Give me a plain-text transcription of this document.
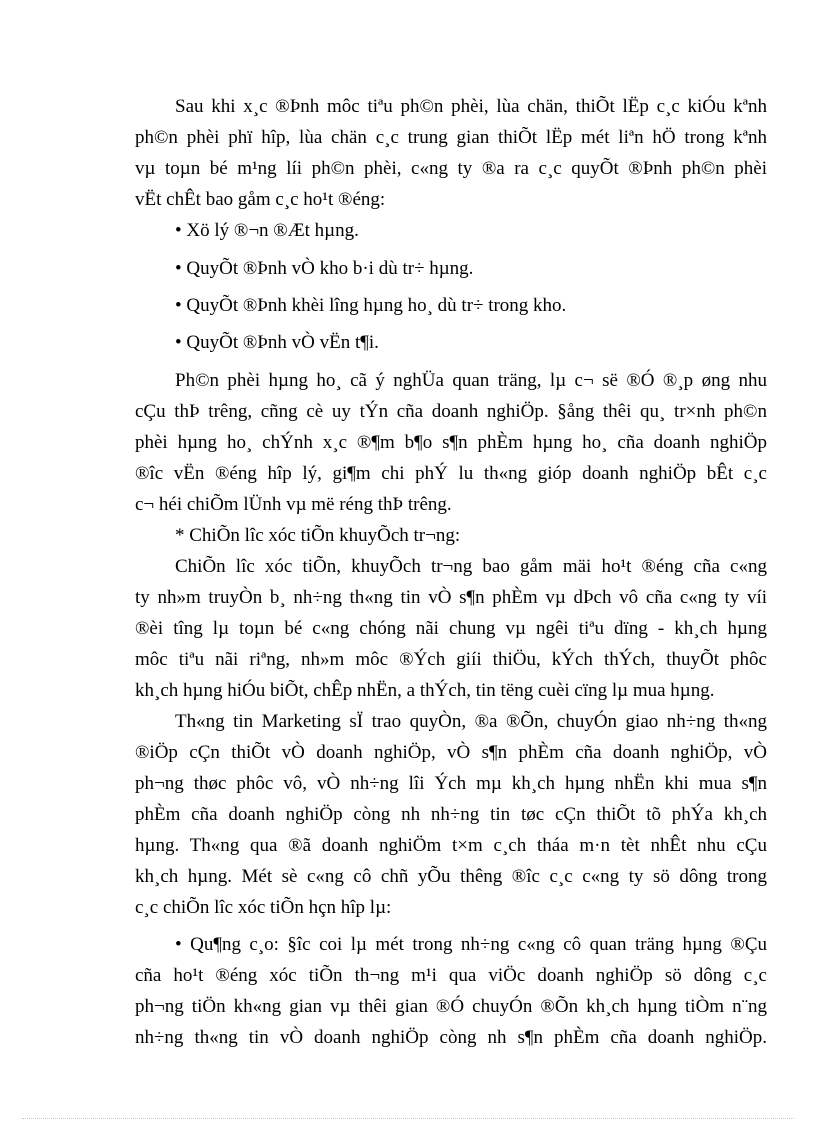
Sau khi x¸c ®Þnh môc tiªu ph©n phèi, lùa chän, thiÕt lËp c¸c kiÓu kªnh
ph©n phèi phï hîp, lùa chän c¸c trung gian thiÕt lËp mét liªn hÖ trong kªnh
vµ toµn bé m¹ng líi ph©n phèi, c«ng ty ®a ra c¸c quyÕt ®Þnh ph©n phèi
vËt chÊt bao gåm c¸c ho¹t ®éng:
• Xö lý ®¬n ®Æt hµng.
• QuyÕt ®Þnh vÒ kho b·i dù tr÷ hµng.
• QuyÕt ®Þnh khèi lîng hµng ho¸ dù tr÷ trong kho.
• QuyÕt ®Þnh vÒ vËn t¶i.
Ph©n phèi hµng ho¸ cã ý nghÜa quan träng, lµ c¬ së ®Ó ®¸p øng nhu
cÇu thÞ trêng, cñng cè uy tÝn cña doanh nghiÖp. §ång thêi qu¸ tr×nh ph©n
phèi hµng ho¸ chÝnh x¸c ®¶m b¶o s¶n phÈm hµng ho¸ cña doanh nghiÖp
®îc vËn ®éng hîp lý, gi¶m chi phÝ lu th«ng gióp doanh nghiÖp bÊt c¸c
c¬ héi chiÕm lÜnh vµ më réng thÞ trêng.
* ChiÕn lîc xóc tiÕn khuyÕch tr¬ng:
ChiÕn lîc xóc tiÕn, khuyÕch tr¬ng bao gåm mäi ho¹t ®éng cña c«ng
ty nh»m truyÒn b¸ nh÷ng th«ng tin vÒ s¶n phÈm vµ dÞch vô cña c«ng ty víi
®èi tîng lµ toµn bé c«ng chóng nãi chung vµ ngêi tiªu dïng - kh¸ch hµng
môc tiªu nãi riªng, nh»m môc ®Ých giíi thiÖu, kÝch thÝch, thuyÕt phôc
kh¸ch hµng hiÓu biÕt, chÊp nhËn, a thÝch, tin tëng cuèi cïng lµ mua hµng.
Th«ng tin Marketing sÏ trao quyÒn, ®a ®Õn, chuyÓn giao nh÷ng th«ng
®iÖp cÇn thiÕt vÒ doanh nghiÖp, vÒ s¶n phÈm cña doanh nghiÖp, vÒ
ph¬ng thøc phôc vô, vÒ nh÷ng lîi Ých mµ kh¸ch hµng nhËn khi mua s¶n
phÈm cña doanh nghiÖp còng nh nh÷ng tin tøc cÇn thiÕt tõ phÝa kh¸ch
hµng. Th«ng qua ®ã doanh nghiÖm t×m c¸ch tháa m·n tèt nhÊt nhu cÇu
kh¸ch hµng. Mét sè c«ng cô chñ yÕu thêng ®îc c¸c c«ng ty sö dông trong
c¸c chiÕn lîc xóc tiÕn hçn hîp lµ:
• Qu¶ng c¸o: §îc coi lµ mét trong nh÷ng c«ng cô quan träng hµng ®Çu
cña ho¹t ®éng xóc tiÕn th¬ng m¹i qua viÖc doanh nghiÖp sö dông c¸c
ph¬ng tiÖn kh«ng gian vµ thêi gian ®Ó chuyÓn ®Õn kh¸ch hµng tiÒm n¨ng
nh÷ng th«ng tin vÒ doanh nghiÖp còng nh s¶n phÈm cña doanh nghiÖp.
